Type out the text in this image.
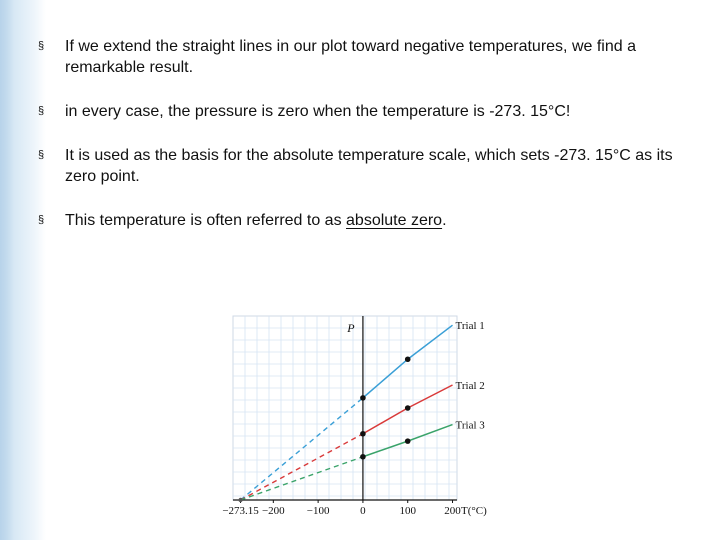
§ If we extend the straight lines in our plot toward negative temperatures, we find a remarkable result.
§ in every case, the pressure is zero when the temperature is -273. 15°C!
§ It is used as the basis for the absolute temperature scale, which sets -273. 15°C as its zero point.
§ This temperature is often referred to as absolute zero.
−273.15 −200 −100	0	100	200 T(°C)
P	Trial 1
Trial 2
Trial 3
